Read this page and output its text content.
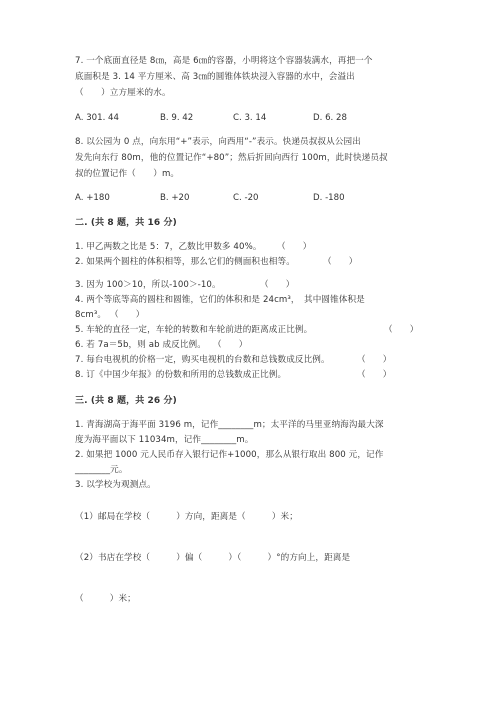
7. 一个底面直径是 8㎝，高是 6㎝的容器，小明将这个容器装满水，再把一个
底面积是 3. 14 平方厘米、高 3㎝的圆锥体铁块浸入容器的水中，会溢出
（　　）立方厘米的水。
A. 301. 44	B. 9. 42	C. 3. 14	D. 6. 28
8. 以公园为 0 点，向东用“+”表示，向西用“-”表示。快递员叔叔从公园出
发先向东行 80m，他的位置记作“+80”；然后折回向西行 100m，此时快递员叔
叔的位置记作（　　）m。
A. +180	B. +20	C. -20	D. -180
二. (共 8 题，共 16 分)
1. 甲乙两数之比是 5：7，乙数比甲数多 40%。 （　　）
2. 如果两个圆柱的体积相等，那么它们的侧面积也相等。	（　　）
3. 因为 100＞10，所以-100＞-10。	（　　）
4. 两个等底等高的圆柱和圆锥，它们的体积和是 24cm³，　其中圆锥体积是
8cm³。 （　　）
5. 车轮的直径一定，车轮的转数和车轮前进的距离成正比例。	（　　）
6. 若 7a＝5b，则 ab 成反比例。 （　　）
7. 每台电视机的价格一定，购买电视机的台数和总钱数成反比例。	（　　）
8. 订《中国少年报》的份数和所用的总钱数成正比例。	（　　）
三. (共 8 题，共 26 分)
1. 青海湖高于海平面 3196 m，记作________m；太平洋的马里亚纳海沟最大深
度为海平面以下 11034m，记作________m。
2. 如果把 1000 元人民币存入银行记作+1000，那么从银行取出 800 元，记作
________元。
3. 以学校为观测点。
（1）邮局在学校（　　　）方向，距离是（　　　）米；
（2）书店在学校（　　　）偏（　　　）（　　　）°的方向上，距离是
（　　　）米；
